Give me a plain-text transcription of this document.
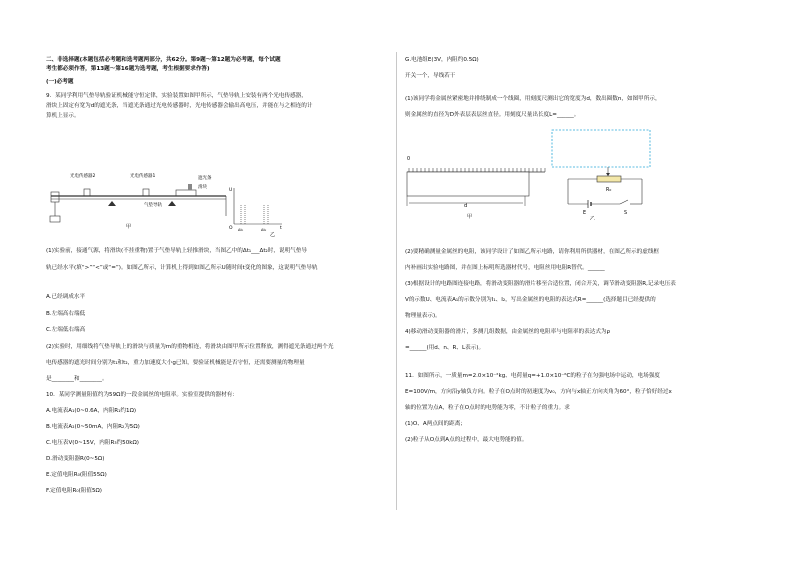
二、非选择题(本题包括必考题和选考题两部分，共62分。第9题～第12题为必考题，每个试题
考生都必须作答，第13题～第16题为选考题，考生根据要求作答)
(一)必考题
9．某同学利用气垫导轨验证机械能守恒定律，实验装置如图甲所示，气垫导轨上安装有两个光电传感器，
滑块上固定有宽为d的遮光条，当遮光条通过光电传感器时，光电传感器会输出高电压，并能在与之相连的计
算机上显示。
光电传感器2	光电传感器1	遮光条
滑块
气垫导轨
甲
U
t
O Δt₁	Δt₂
乙
(1)实验前，接通气源，将滑块(不挂重物)置于气垫导轨上轻推滑块，当图乙中的Δt₁___Δt₂时，说明气垫导
轨已经水平(填“>”“<”或“=”)。如图乙所示，计算机上得到如图乙所示U随时间t变化的图象，这说明气垫导轨
A.已经调成水平
B.左端高右端低
C.左端低右端高
(2)实验时，用细线将气垫导轨上的滑块与质量为m的重物相连，将滑块由图甲所示位置释放，测得遮光条通过两个光
电传感器的遮光时间分别为t₁和t₂，重力加速度大小g已知，要验证机械能是否守恒，还需要测量的物理量
是________和________。
10．某同学测量阻值约为59Ω的一段金属丝的电阻率。实验室提供的器材有：
A.电流表A₁(0~0.6A，内阻R₁约1Ω)
B.电流表A₂(0~50mA，内阻R₂为5Ω)
C.电压表V(0~15V，内阻R₃约50kΩ)
D.滑动变阻器R(0~5Ω)
E.定值电阻R₀(阻值55Ω)
F.定值电阻R₀(阻值5Ω)
G.电池组E(3V，内阻约0.5Ω)
开关一个，导线若干
(1)该同学将金属丝紧密地并排绕制成一个线圈，用刻度尺测出它的宽度为d，数出圈数n，如图甲所示，
则金属丝的直径为D外表层表层丝直径。用刻度尺量出长度L=______。
0
d
甲
R₀
E	S
乙
(2)要精确测量金属丝的电阻，该同学设计了如图乙所示电路，请你利用所供器材，在图乙所示的虚线框
内补画出实验电路图，并在图上标明所选器材代号，电阻丝用电阻R替代。______
(3)根据设计的电路图连接电路，将滑动变阻器的滑片移至合适位置，闭合开关，调节滑动变阻器R,记录电压表
V的示数U、电流表A₁的示数分别为I₁、I₂，写出金属丝的电阻的表达式R=______(选择题目已经提供的
物理量表示)。
4)移动滑动变阻器的滑片，多测几组数据，由金属丝的电阻率与电阻率的表达式为ρ
=______(用d、n、R、L表示)。
11．如图所示，一质量m=2.0×10⁻²kg、电荷量q=+1.0×10⁻⁶C的粒子在匀强电场中运动，电场强度
E=100V/m，方向沿y轴负方向。粒子在O点时的初速度为v₀，方向与x轴正方向夹角为60°，粒子恰好经过x
轴的位置为点A，粒子在O点时的电势能为零，不计粒子的重力。求
(1)O、A两点间的距离；
(2)粒子从O点到A点的过程中，最大电势能的值。
